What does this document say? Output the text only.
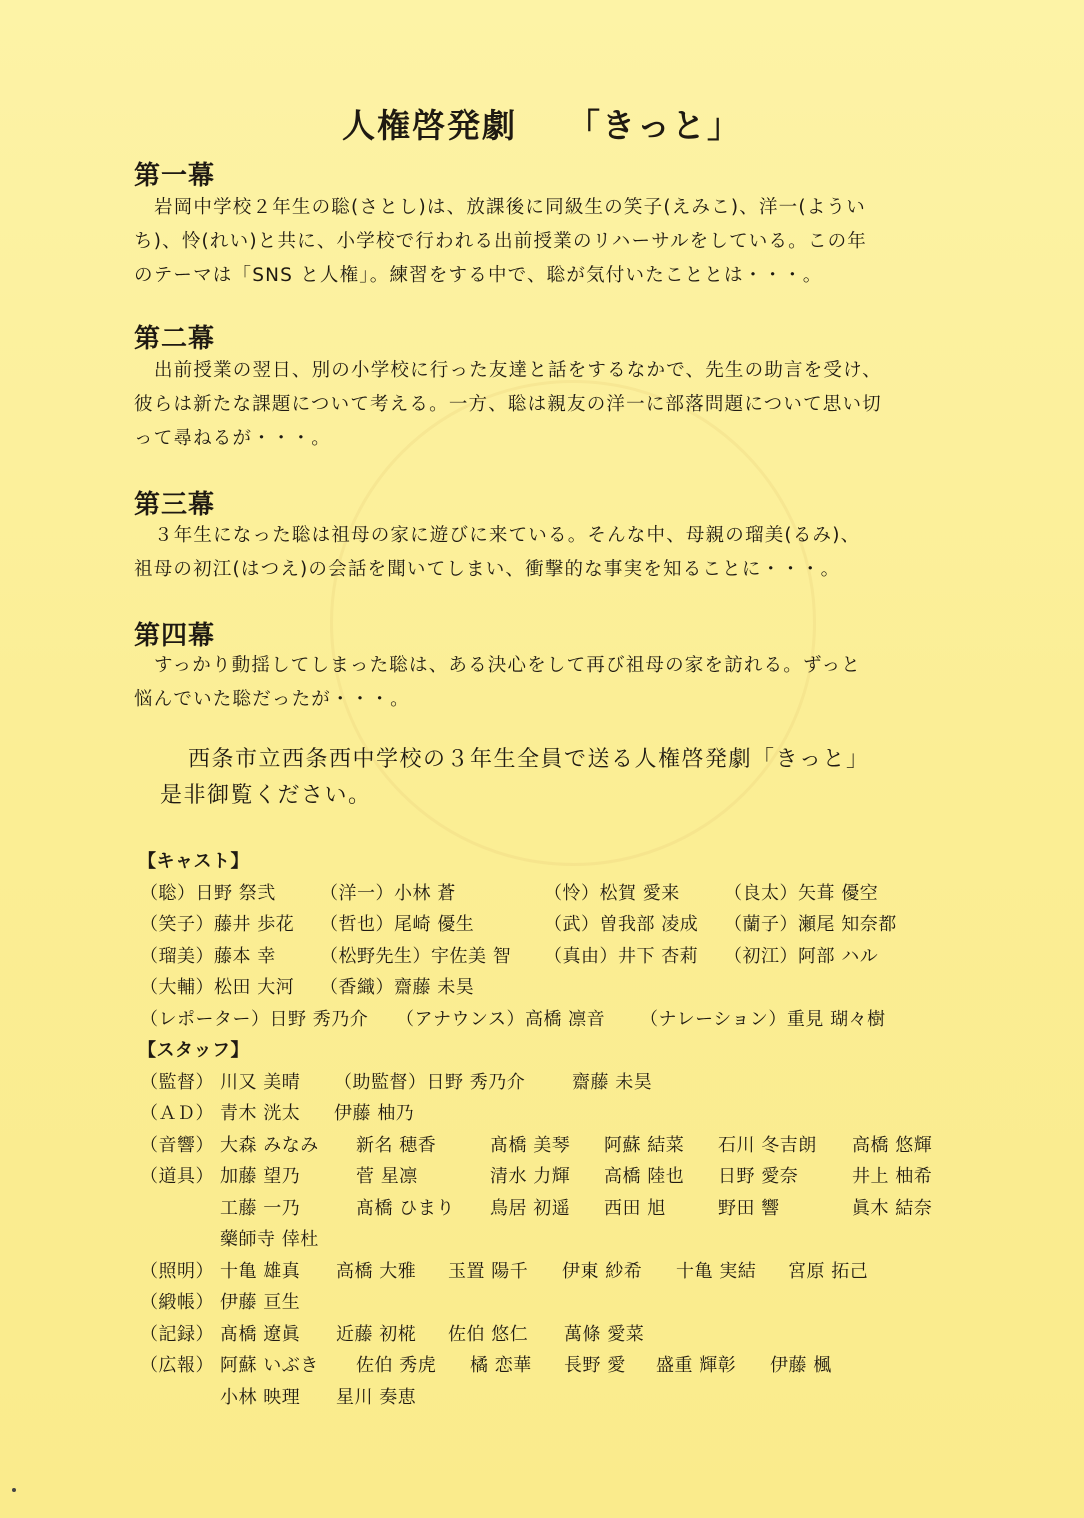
人権啓発劇 「きっと」
第一幕
岩岡中学校２年生の聡(さとし)は、放課後に同級生の笑子(えみこ)、洋一(ようい
ち)、怜(れい)と共に、小学校で行われる出前授業のリハーサルをしている。この年
のテーマは「SNS と人権」。練習をする中で、聡が気付いたこととは・・・。
第二幕
出前授業の翌日、別の小学校に行った友達と話をするなかで、先生の助言を受け、
彼らは新たな課題について考える。一方、聡は親友の洋一に部落問題について思い切
って尋ねるが・・・。
第三幕
３年生になった聡は祖母の家に遊びに来ている。そんな中、母親の瑠美(るみ)、
祖母の初江(はつえ)の会話を聞いてしまい、衝撃的な事実を知ることに・・・。
第四幕
すっかり動揺してしまった聡は、ある決心をして再び祖母の家を訪れる。ずっと
悩んでいた聡だったが・・・。
西条市立西条西中学校の３年生全員で送る人権啓発劇「きっと」
是非御覧ください。
【キャスト】
（聡）日野 祭弐 （洋一）小林 蒼	（怜）松賀 愛来 （良太）矢葺 優空
（笑子）藤井 歩花 （哲也）尾崎 優生	（武）曽我部 凌成 （蘭子）瀬尾 知奈都
（瑠美）藤本 幸 （松野先生）宇佐美 智 （真由）井下 杏莉 （初江）阿部 ハル
（大輔）松田 大河 （香織）齋藤 未昊
（レポーター）日野 秀乃介 （アナウンス）高橋 凛音 （ナレーション）重見 瑚々樹
【スタッフ】
（監督） 川又 美晴 （助監督）日野 秀乃介	齋藤 未昊
（ＡＤ） 青木 洸太 伊藤 柚乃
（音響） 大森 みなみ 新名 穂香	髙橋 美琴 阿蘇 結菜 石川 冬吉朗 高橋 悠輝
（道具） 加藤 望乃	菅 星凛	清水 力輝 高橋 陸也 日野 愛奈	井上 柚希
工藤 一乃	髙橋 ひまり 鳥居 初遥 西田 旭	野田 響	眞木 結奈
藥師寺 倖杜
（照明） 十亀 雄真 高橋 大雅 玉置 陽千 伊東 紗希 十亀 実結 宮原 拓己
（緞帳） 伊藤 亘生
（記録） 髙橋 遼眞 近藤 初椛 佐伯 悠仁 萬條 愛菜
（広報） 阿蘇 いぶき 佐伯 秀虎 橘 恋華 長野 愛 盛重 輝彰 伊藤 楓
小林 映理 星川 奏恵
